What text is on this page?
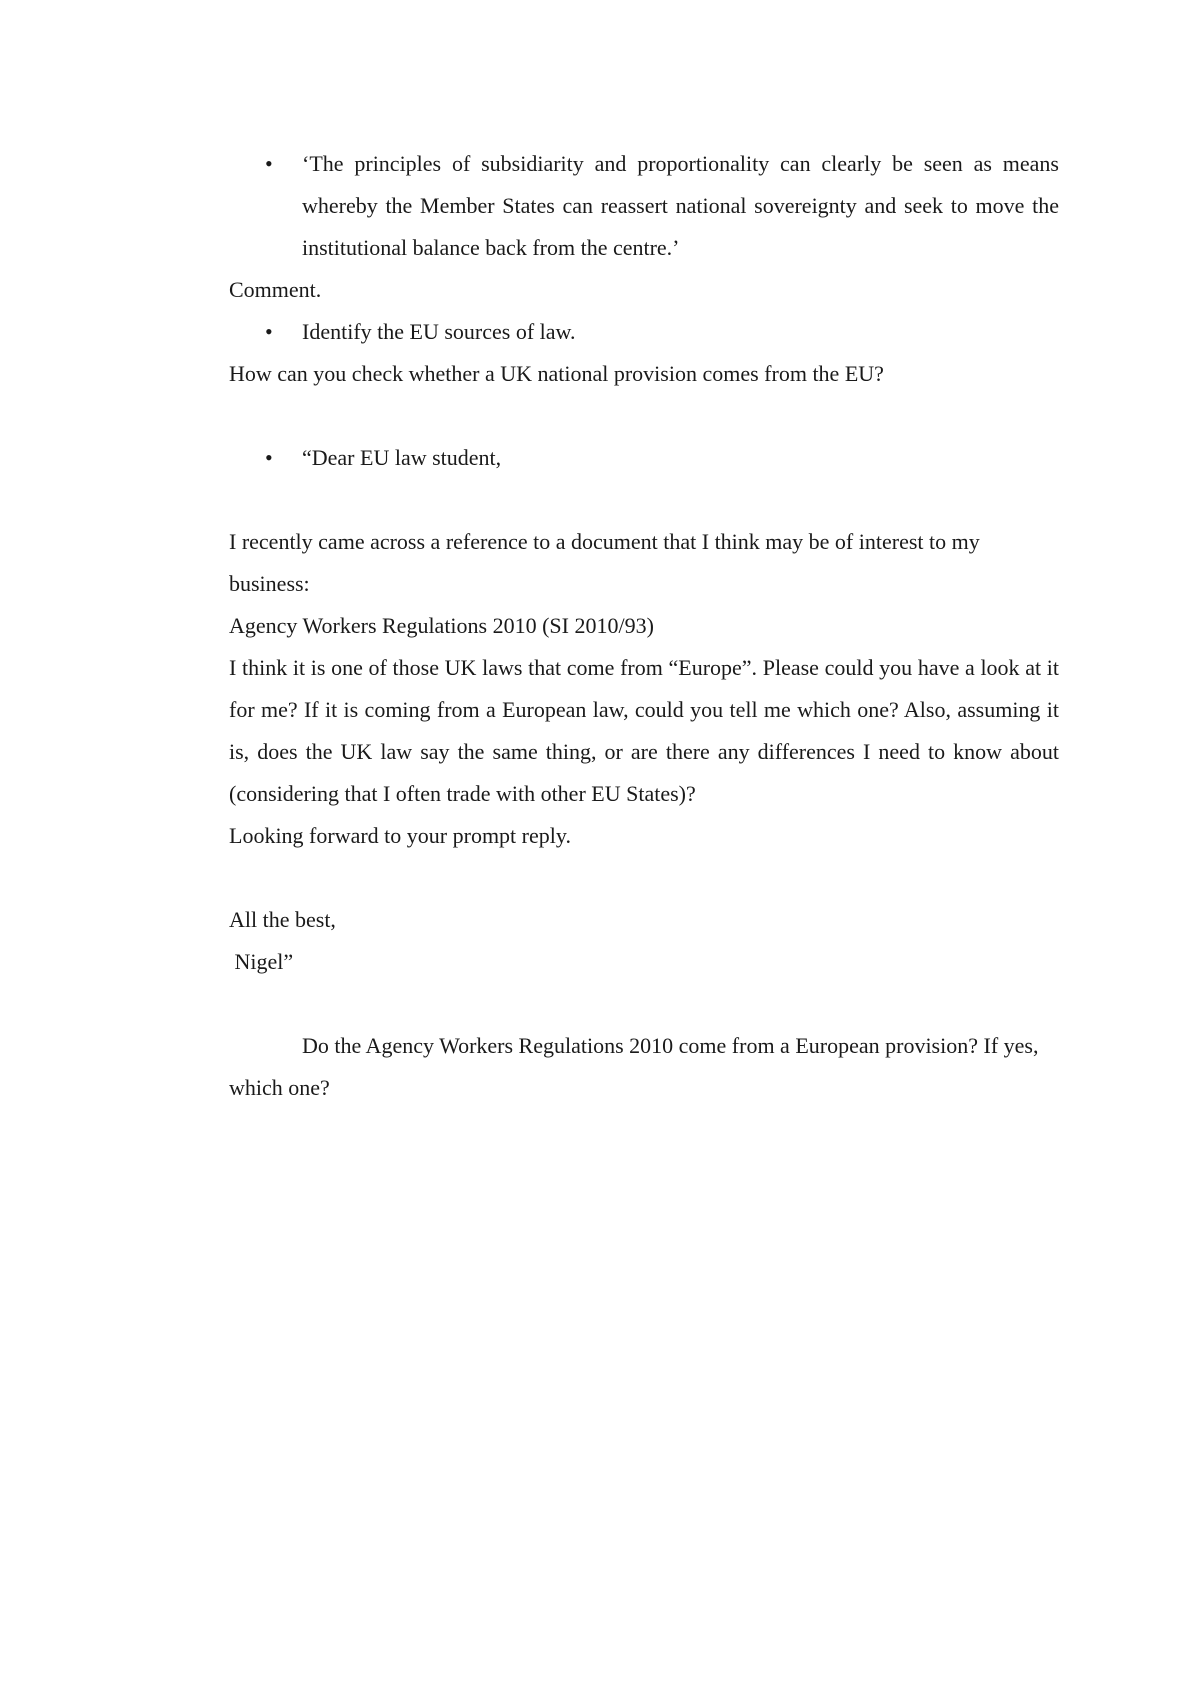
• ‘The principles of subsidiarity and proportionality can clearly be seen as means whereby the Member States can reassert national sovereignty and seek to move the institutional balance back from the centre.’

Comment.

• Identify the EU sources of law.

How can you check whether a UK national provision comes from the EU?

• “Dear EU law student,

I recently came across a reference to a document that I think may be of interest to my business:

Agency Workers Regulations 2010 (SI 2010/93)

I think it is one of those UK laws that come from “Europe”. Please could you have a look at it for me? If it is coming from a European law, could you tell me which one? Also, assuming it is, does the UK law say the same thing, or are there any differences I need to know about (considering that I often trade with other EU States)?

Looking forward to your prompt reply.

All the best,

Nigel”

Do the Agency Workers Regulations 2010 come from a European provision? If yes, which one?
